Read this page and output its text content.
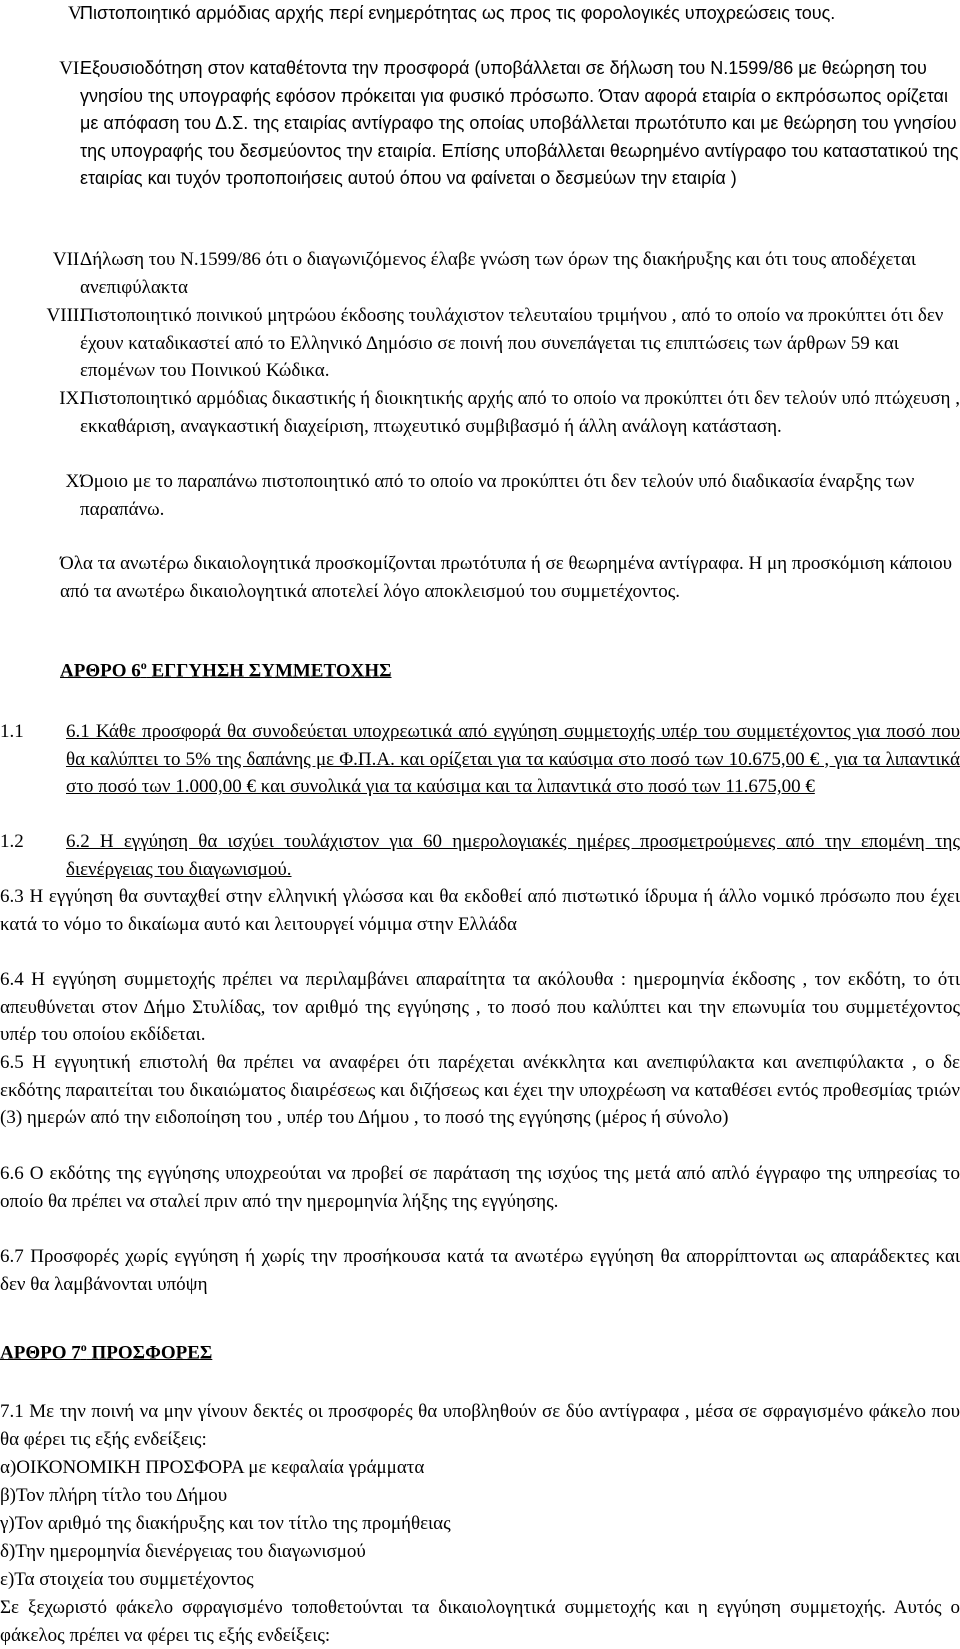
V.
Πιστοποιητικό αρμόδιας αρχής περί ενημερότητας ως προς τις φορολογικές υποχρεώσεις τους.
VI.
Εξουσιοδότηση στον καταθέτοντα την προσφορά (υποβάλλεται σε δήλωση του Ν.1599/86 με θεώρηση του γνησίου της υπογραφής εφόσον πρόκειται για φυσικό πρόσωπο. Όταν αφορά εταιρία ο εκπρόσωπος ορίζεται με απόφαση του Δ.Σ. της εταιρίας αντίγραφο της οποίας υποβάλλεται πρωτότυπο και με θεώρηση του γνησίου της υπογραφής του δεσμεύοντος την εταιρία. Επίσης υποβάλλεται θεωρημένο αντίγραφο του καταστατικού της εταιρίας και τυχόν τροποποιήσεις αυτού όπου να φαίνεται ο δεσμεύων την εταιρία )
VII.
Δήλωση του Ν.1599/86 ότι ο διαγωνιζόμενος έλαβε γνώση των όρων της διακήρυξης και ότι τους αποδέχεται ανεπιφύλακτα
VIII.
Πιστοποιητικό ποινικού μητρώου έκδοσης τουλάχιστον τελευταίου τριμήνου , από το οποίο να προκύπτει ότι δεν έχουν καταδικαστεί από το Ελληνικό Δημόσιο σε ποινή που συνεπάγεται τις επιπτώσεις των άρθρων 59 και επομένων του Ποινικού Κώδικα.
IX.
Πιστοποιητικό αρμόδιας δικαστικής ή διοικητικής αρχής από το οποίο να προκύπτει ότι δεν τελούν υπό πτώχευση , εκκαθάριση, αναγκαστική διαχείριση, πτωχευτικό συμβιβασμό ή άλλη ανάλογη κατάσταση.
X.
Όμοιο με το παραπάνω πιστοποιητικό από το οποίο να προκύπτει ότι δεν τελούν υπό διαδικασία έναρξης των παραπάνω.
Όλα τα ανωτέρω δικαιολογητικά προσκομίζονται πρωτότυπα ή σε θεωρημένα αντίγραφα. Η μη προσκόμιση κάποιου από τα ανωτέρω δικαιολογητικά αποτελεί λόγο αποκλεισμού του συμμετέχοντος.
ΑΡΘΡΟ $6^o$ ΕΓΓΥΗΣΗ ΣΥΜΜΕΤΟΧΗΣ
1.1	6.1 Κάθε προσφορά θα συνοδεύεται υποχρεωτικά από εγγύηση συμμετοχής υπέρ του συμμετέχοντος για ποσό που θα καλύπτει το 5% της δαπάνης με Φ.Π.Α. και ορίζεται για τα καύσιμα στο ποσό των 10.675,00 € , για τα λιπαντικά στο ποσό των 1.000,00 € και συνολικά για τα καύσιμα και τα λιπαντικά στο ποσό των 11.675,00 €
1.2	6.2 Η εγγύηση θα ισχύει τουλάχιστον για 60 ημερολογιακές ημέρες προσμετρούμενες από την επομένη της διενέργειας του διαγωνισμού.
6.3 Η εγγύηση θα συνταχθεί στην ελληνική γλώσσα και θα εκδοθεί από πιστωτικό ίδρυμα ή άλλο νομικό πρόσωπο που έχει κατά το νόμο το δικαίωμα αυτό και λειτουργεί νόμιμα στην Ελλάδα
6.4 Η εγγύηση συμμετοχής πρέπει να περιλαμβάνει απαραίτητα τα ακόλουθα : ημερομηνία έκδοσης , τον εκδότη, το ότι απευθύνεται στον Δήμο Στυλίδας, τον αριθμό της εγγύησης , το ποσό που καλύπτει και την επωνυμία του συμμετέχοντος υπέρ του οποίου εκδίδεται.
6.5 Η εγγυητική επιστολή θα πρέπει να αναφέρει ότι παρέχεται ανέκκλητα και ανεπιφύλακτα και ανεπιφύλακτα , ο δε εκδότης παραιτείται του δικαιώματος διαιρέσεως και διζήσεως και έχει την υποχρέωση να καταθέσει εντός προθεσμίας τριών (3) ημερών από την ειδοποίηση του , υπέρ του Δήμου , το ποσό της εγγύησης (μέρος ή σύνολο)
6.6 Ο εκδότης της εγγύησης υποχρεούται να προβεί σε παράταση της ισχύος της μετά από απλό έγγραφο της υπηρεσίας το οποίο θα πρέπει να σταλεί πριν από την ημερομηνία λήξης της εγγύησης.
6.7 Προσφορές χωρίς εγγύηση ή χωρίς την προσήκουσα κατά τα ανωτέρω εγγύηση θα απορρίπτονται ως απαράδεκτες και δεν θα λαμβάνονται υπόψη
ΑΡΘΡΟ $7^o$ ΠΡΟΣΦΟΡΕΣ
7.1 Με την ποινή να μην γίνουν δεκτές οι προσφορές θα υποβληθούν σε δύο αντίγραφα , μέσα σε σφραγισμένο φάκελο που θα φέρει τις εξής ενδείξεις:
α)ΟΙΚΟΝΟΜΙΚΗ ΠΡΟΣΦΟΡΑ με κεφαλαία γράμματα
β)Τον πλήρη τίτλο του Δήμου
γ)Τον αριθμό της διακήρυξης και τον τίτλο της προμήθειας
δ)Την ημερομηνία διενέργειας του διαγωνισμού
ε)Τα στοιχεία του συμμετέχοντος
Σε ξεχωριστό φάκελο σφραγισμένο τοποθετούνται τα δικαιολογητικά συμμετοχής και η εγγύηση συμμετοχής. Αυτός ο φάκελος πρέπει να φέρει τις εξής ενδείξεις:
